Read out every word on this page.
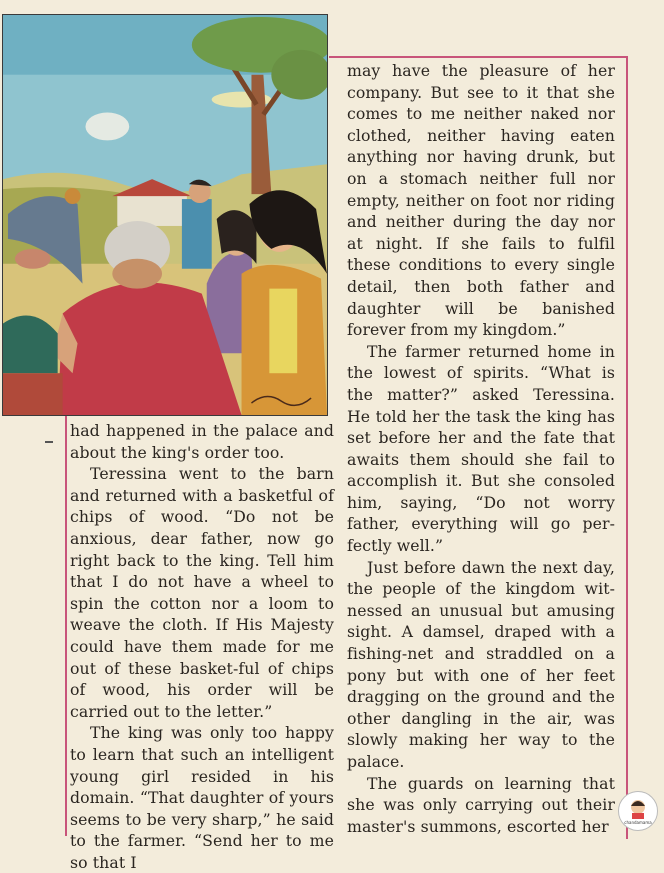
had happened in the palace and about the king's order too.

Teressina went to the barn and returned with a basketful of chips of wood. “Do not be anxious, dear father, now go right back to the king. Tell him that I do not have a wheel to spin the cotton nor a loom to weave the cloth. If His Majesty could have them made for me out of these basket-ful of chips of wood, his order will be carried out to the letter.”

The king was only too happy to learn that such an intelligent young girl resided in his domain. “That daughter of yours seems to be very sharp,” he said to the farmer. “Send her to me so that I

may have the pleasure of her company. But see to it that she comes to me neither naked nor clothed, neither having eaten anything nor having drunk, but on a stomach neither full nor empty, neither on foot nor riding and neither during the day nor at night. If she fails to fulfil these conditions to every single detail, then both father and daughter will be banished forever from my kingdom.”

The farmer returned home in the lowest of spirits. “What is the matter?” asked Teressina. He told her the task the king has set before her and the fate that awaits them should she fail to accomplish it. But she consoled him, saying, “Do not worry father, everything will go per-fectly well.”

Just before dawn the next day, the people of the kingdom wit-nessed an unusual but amusing sight. A damsel, draped with a fishing-net and straddled on a pony but with one of her feet dragging on the ground and the other dangling in the air, was slowly making her way to the palace.

The guards on learning that she was only carrying out their master's summons, escorted her	chandamama
